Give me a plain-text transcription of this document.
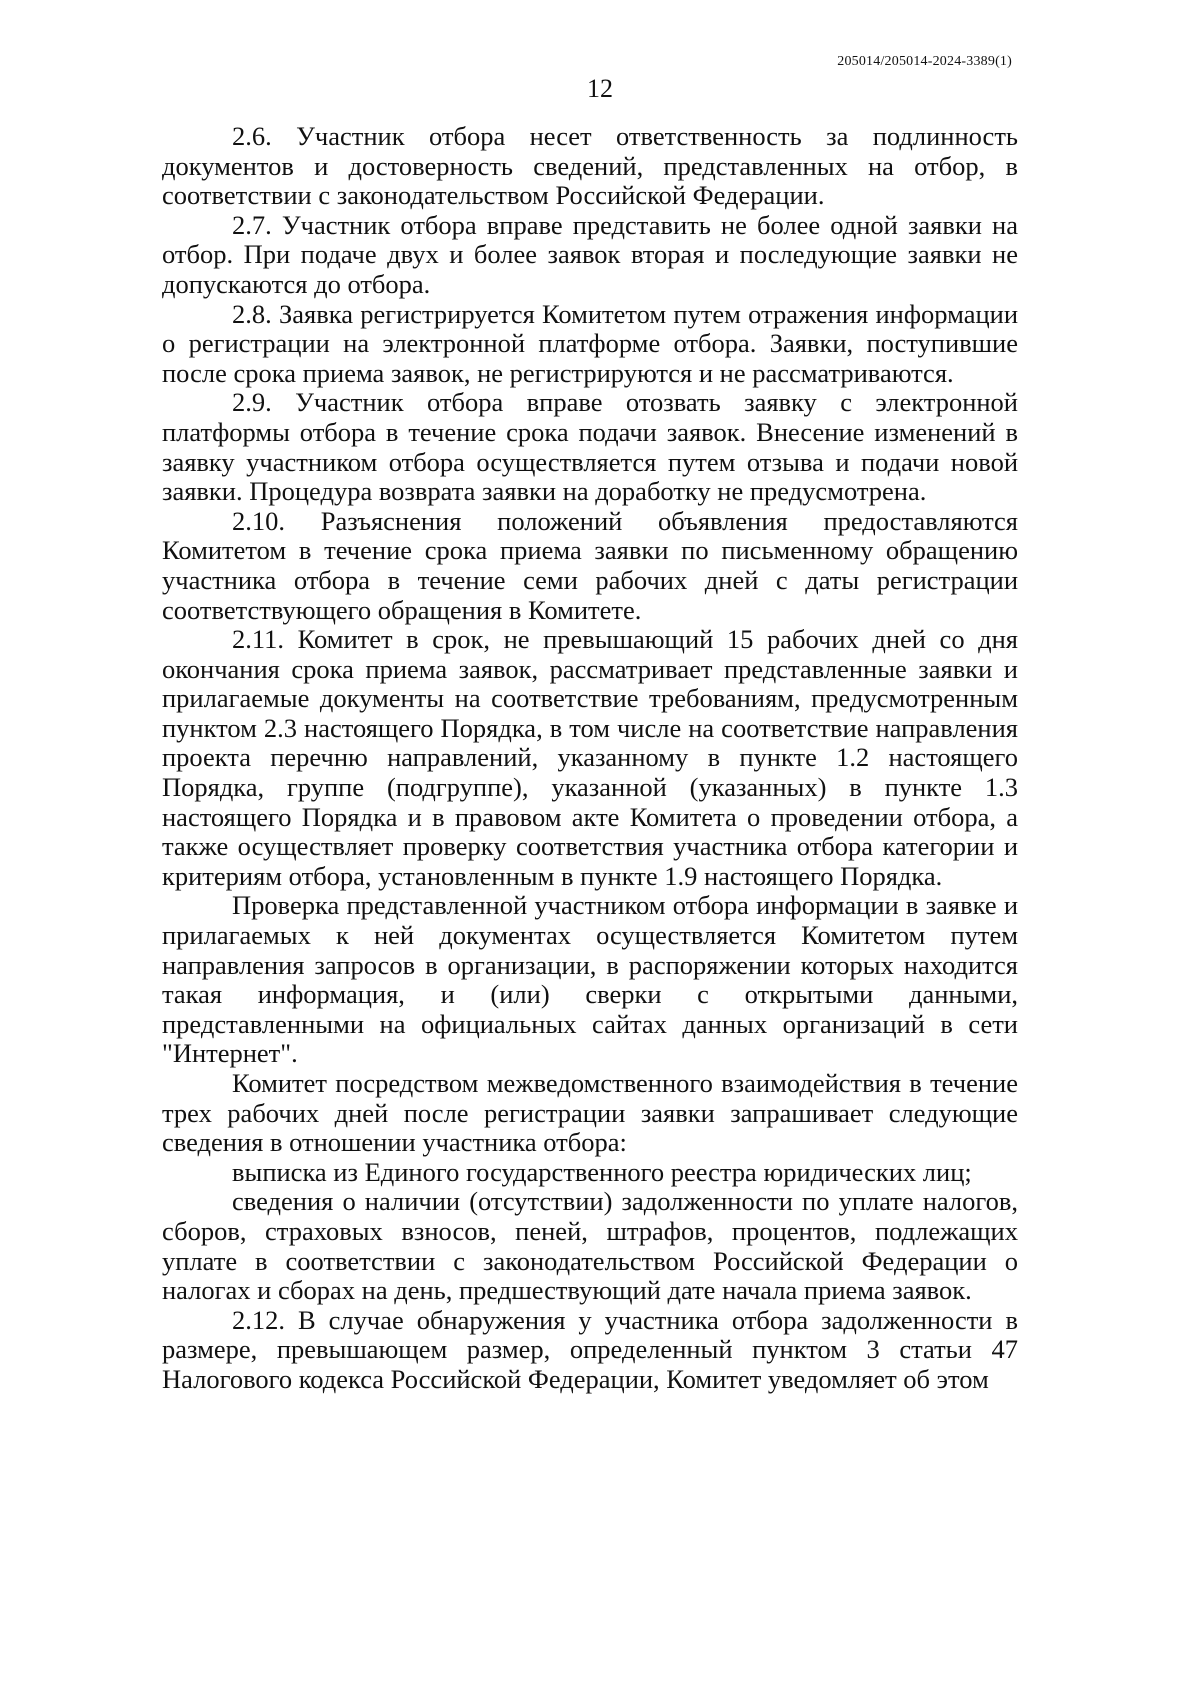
205014/205014-2024-3389(1)
12

2.6. Участник отбора несет ответственность за подлинность документов и достоверность сведений, представленных на отбор, в соответствии с законодательством Российской Федерации.

2.7. Участник отбора вправе представить не более одной заявки на отбор. При подаче двух и более заявок вторая и последующие заявки не допускаются до отбора.

2.8. Заявка регистрируется Комитетом путем отражения информации о регистрации на электронной платформе отбора. Заявки, поступившие после срока приема заявок, не регистрируются и не рассматриваются.

2.9. Участник отбора вправе отозвать заявку с электронной платформы отбора в течение срока подачи заявок. Внесение изменений в заявку участником отбора осуществляется путем отзыва и подачи новой заявки. Процедура возврата заявки на доработку не предусмотрена.

2.10. Разъяснения положений объявления предоставляются Комитетом в течение срока приема заявки по письменному обращению участника отбора в течение семи рабочих дней с даты регистрации соответствующего обращения в Комитете.

2.11. Комитет в срок, не превышающий 15 рабочих дней со дня окончания срока приема заявок, рассматривает представленные заявки и прилагаемые документы на соответствие требованиям, предусмотренным пунктом 2.3 настоящего Порядка, в том числе на соответствие направления проекта перечню направлений, указанному в пункте 1.2 настоящего Порядка, группе (подгруппе), указанной (указанных) в пункте 1.3 настоящего Порядка и в правовом акте Комитета о проведении отбора, а также осуществляет проверку соответствия участника отбора категории и критериям отбора, установленным в пункте 1.9 настоящего Порядка.

Проверка представленной участником отбора информации в заявке и прилагаемых к ней документах осуществляется Комитетом путем направления запросов в организации, в распоряжении которых находится такая информация, и (или) сверки с открытыми данными, представленными на официальных сайтах данных организаций в сети "Интернет".

Комитет посредством межведомственного взаимодействия в течение трех рабочих дней после регистрации заявки запрашивает следующие сведения в отношении участника отбора:

выписка из Единого государственного реестра юридических лиц;

сведения о наличии (отсутствии) задолженности по уплате налогов, сборов, страховых взносов, пеней, штрафов, процентов, подлежащих уплате в соответствии с законодательством Российской Федерации о налогах и сборах на день, предшествующий дате начала приема заявок.

2.12. В случае обнаружения у участника отбора задолженности в размере, превышающем размер, определенный пунктом 3 статьи 47 Налогового кодекса Российской Федерации, Комитет уведомляет об этом
